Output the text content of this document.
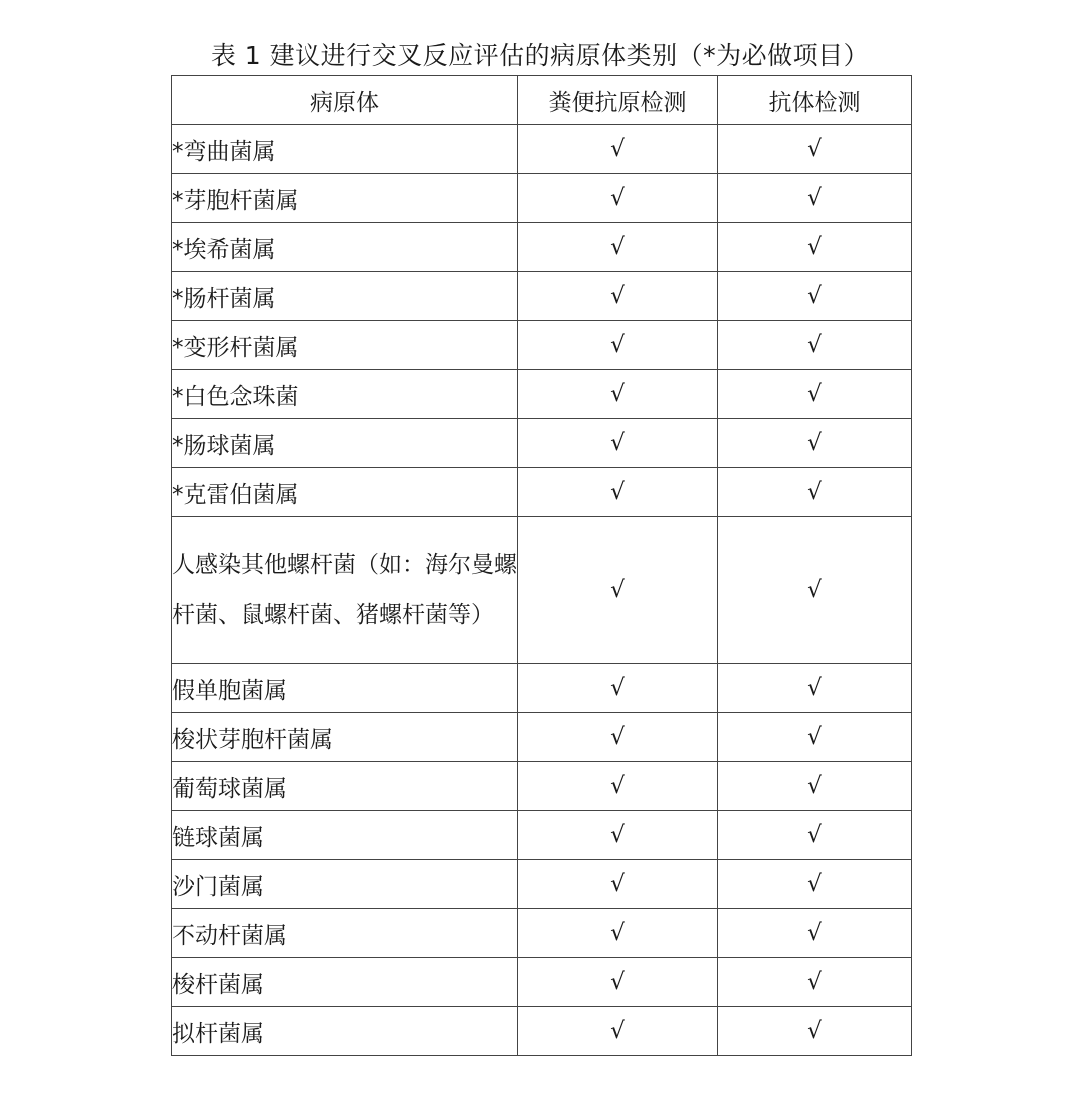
表 1 建议进行交叉反应评估的病原体类别（*为必做项目）
病原体	粪便抗原检测	抗体检测
*弯曲菌属	√	√
*芽胞杆菌属	√	√
*埃希菌属	√	√
*肠杆菌属	√	√
*变形杆菌属	√	√
*白色念珠菌	√	√
*肠球菌属	√	√
*克雷伯菌属	√	√
人感染其他螺杆菌（如：海尔曼螺杆菌、鼠螺杆菌、猪螺杆菌等）	√	√
假单胞菌属	√	√
梭状芽胞杆菌属	√	√
葡萄球菌属	√	√
链球菌属	√	√
沙门菌属	√	√
不动杆菌属	√	√
梭杆菌属	√	√
拟杆菌属	√	√
